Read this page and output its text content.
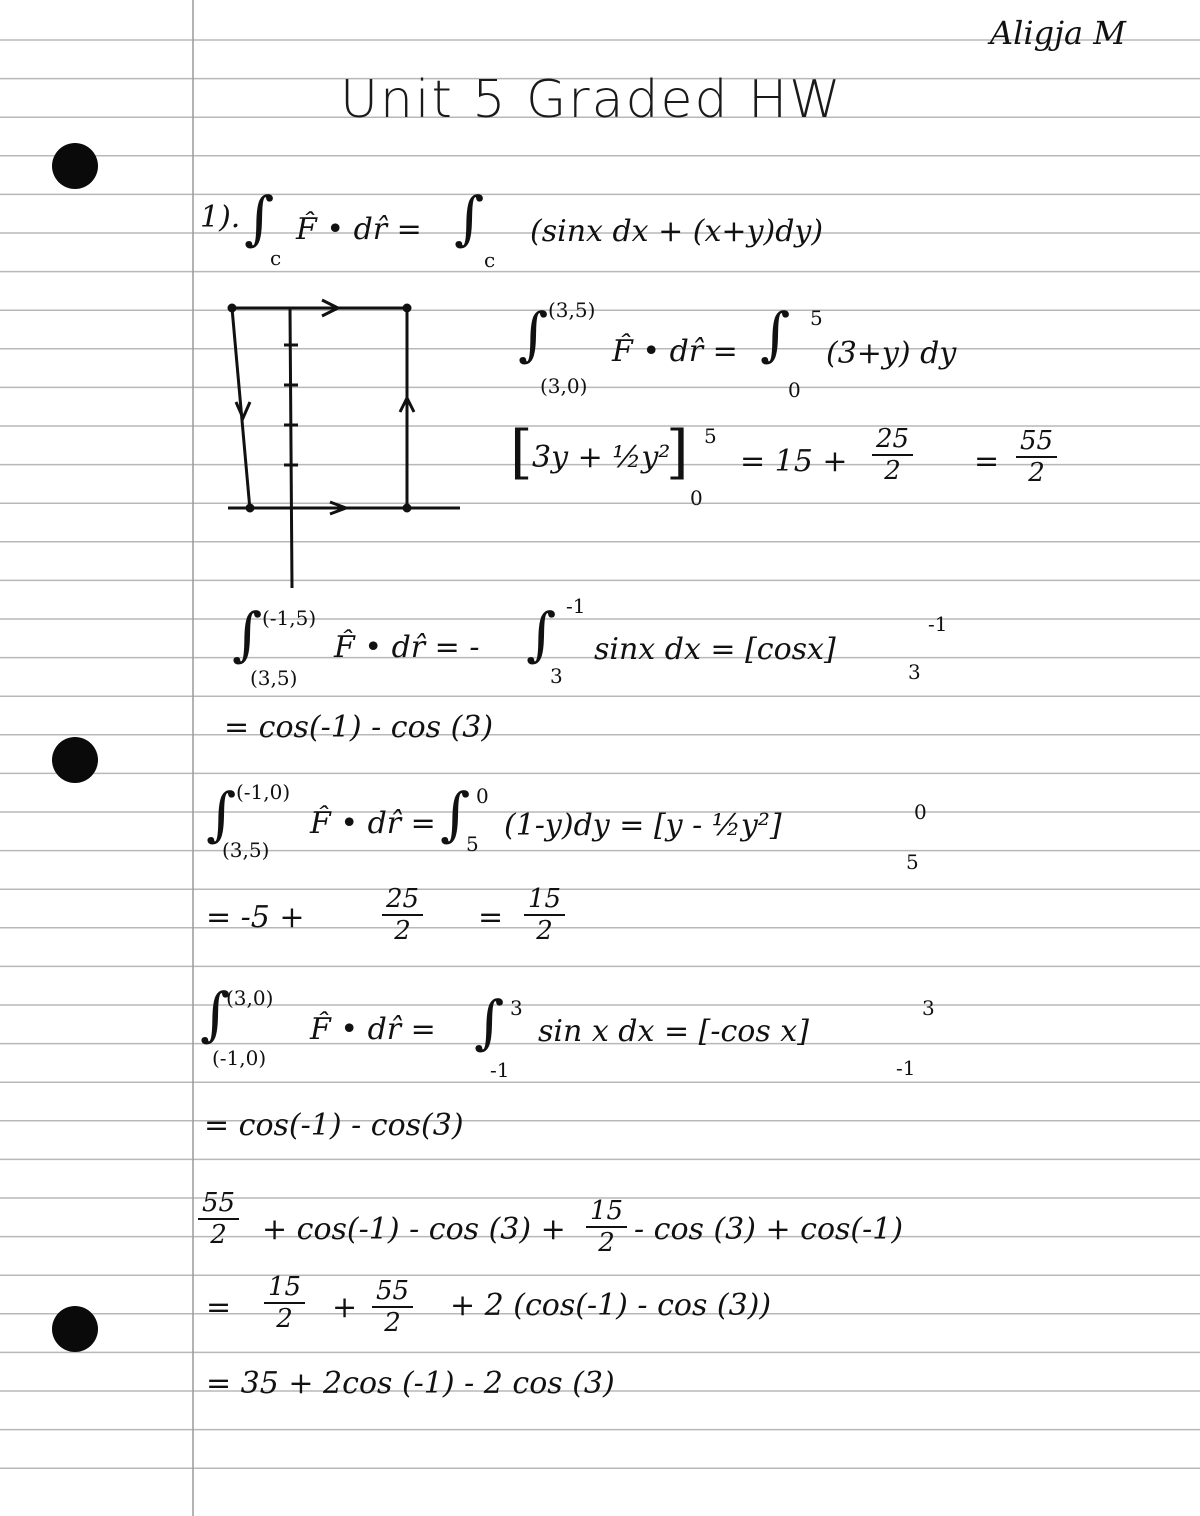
Aligja M
Unit 5 Graded HW
1). ∫
c
F̂ • dr̂ = ∫
c
(sinx dx + (x+y)dy)
∫ (3,5)
(3,0)
F̂ • dr̂ = ∫ 5
0
(3+y) dy
[ 3y + ½y²
] 5
0
= $15 + \frac{25}{2} = \frac{55}{2}$
∫ (-1,5)
(3,5)
F̂ • dr̂ = - ∫ -1
3
sinx dx = [cosx]
-1
3
= cos(-1) - cos (3)
∫ (-1,0)
(3,5)
F̂ • dr̂ = ∫ 0
5
(1-y)dy = [y - ½y²]	0
5
= -5 +	$\frac{25}{2} = \frac{15}{2}$
∫
(3,0)
(-1,0)
F̂ • dr̂ = ∫ 3
-1
sin x dx = [-cos x]
3
-1
= cos(-1) - cos(3)
$\frac{55}{2} + \cos(-1) - \cos (3) + \frac{15}{2} - \cos (3) + \cos(-1)$
= $\frac{15}{2} + \frac{55}{2} + 2$ (cos(-1) - cos (3))
= 35 + 2cos (-1) - 2 cos (3)
